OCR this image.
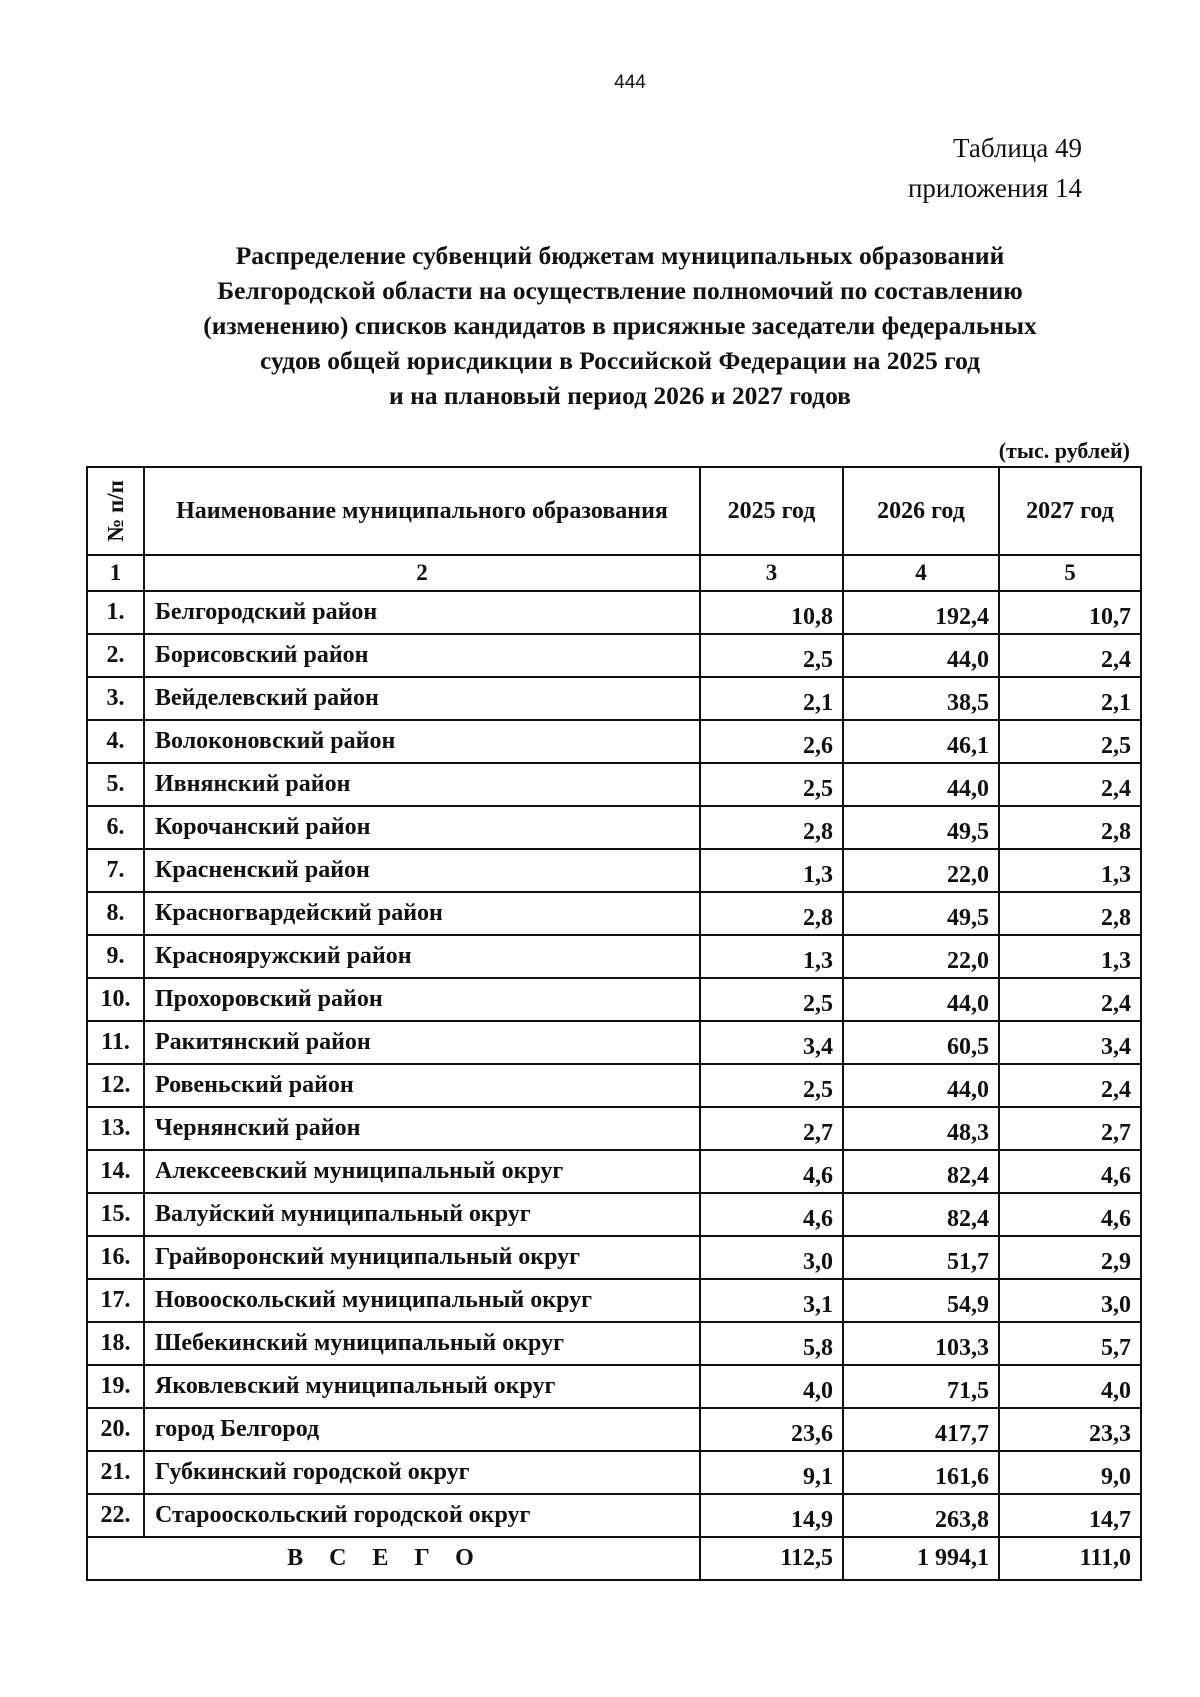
444
Таблица 49
приложения 14
Распределение субвенций бюджетам муниципальных образований
Белгородской области на осуществление полномочий по составлению
(изменению) списков кандидатов в присяжные заседатели федеральных
судов общей юрисдикции в Российской Федерации на 2025 год
и на плановый период 2026 и 2027 годов
(тыс. рублей)
№ п/п	Наименование муниципального образования	2025 год	2026 год	2027 год
1	2	3	4	5
1.	Белгородский район	10,8	192,4	10,7
2.	Борисовский район	2,5	44,0	2,4
3.	Вейделевский район	2,1	38,5	2,1
4.	Волоконовский район	2,6	46,1	2,5
5.	Ивнянский район	2,5	44,0	2,4
6.	Корочанский район	2,8	49,5	2,8
7.	Красненский район	1,3	22,0	1,3
8.	Красногвардейский район	2,8	49,5	2,8
9.	Краснояружский район	1,3	22,0	1,3
10.	Прохоровский район	2,5	44,0	2,4
11.	Ракитянский район	3,4	60,5	3,4
12.	Ровеньский район	2,5	44,0	2,4
13.	Чернянский район	2,7	48,3	2,7
14.	Алексеевский муниципальный округ	4,6	82,4	4,6
15.	Валуйский муниципальный округ	4,6	82,4	4,6
16.	Грайворонский муниципальный округ	3,0	51,7	2,9
17.	Новооскольский муниципальный округ	3,1	54,9	3,0
18.	Шебекинский муниципальный округ	5,8	103,3	5,7
19.	Яковлевский муниципальный округ	4,0	71,5	4,0
20.	город Белгород	23,6	417,7	23,3
21.	Губкинский городской округ	9,1	161,6	9,0
22.	Старооскольский городской округ	14,9	263,8	14,7
ВСЕГО		112,5	1 994,1	111,0
